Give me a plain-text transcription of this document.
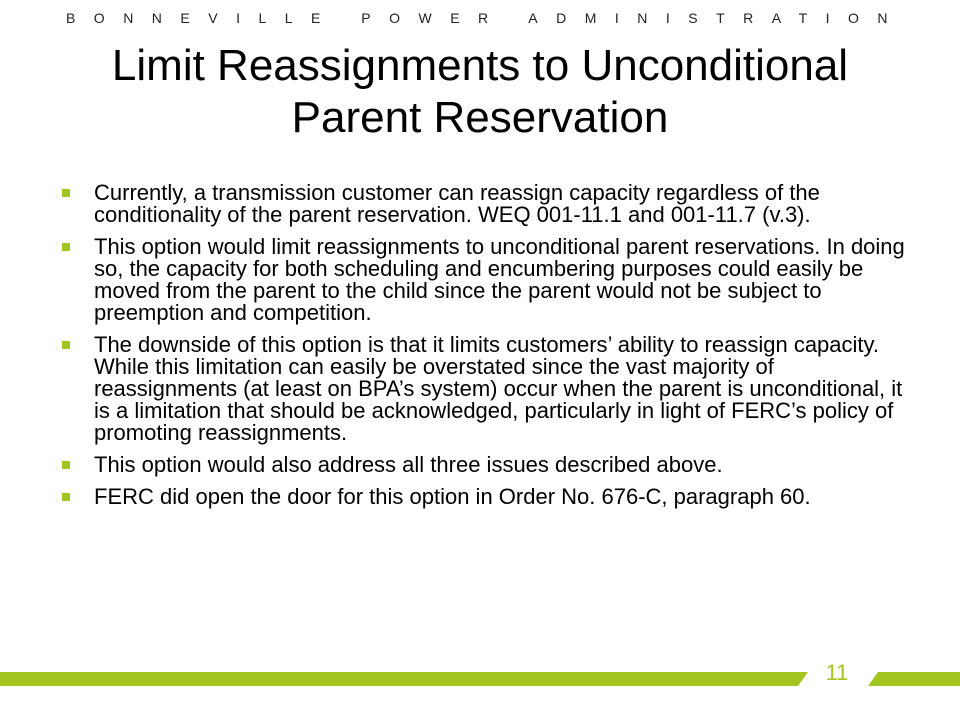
BONNEVILLE POWER ADMINISTRATION
Limit Reassignments to Unconditional
Parent Reservation
Currently, a transmission customer can reassign capacity regardless of the conditionality of the parent reservation. WEQ 001-11.1 and 001-11.7 (v.3).
This option would limit reassignments to unconditional parent reservations. In doing so, the capacity for both scheduling and encumbering purposes could easily be moved from the parent to the child since the parent would not be subject to preemption and competition.
The downside of this option is that it limits customers’ ability to reassign capacity. While this limitation can easily be overstated since the vast majority of reassignments (at least on BPA’s system) occur when the parent is unconditional, it is a limitation that should be acknowledged, particularly in light of FERC’s policy of promoting reassignments.
This option would also address all three issues described above.
FERC did open the door for this option in Order No. 676-C, paragraph 60.
11
